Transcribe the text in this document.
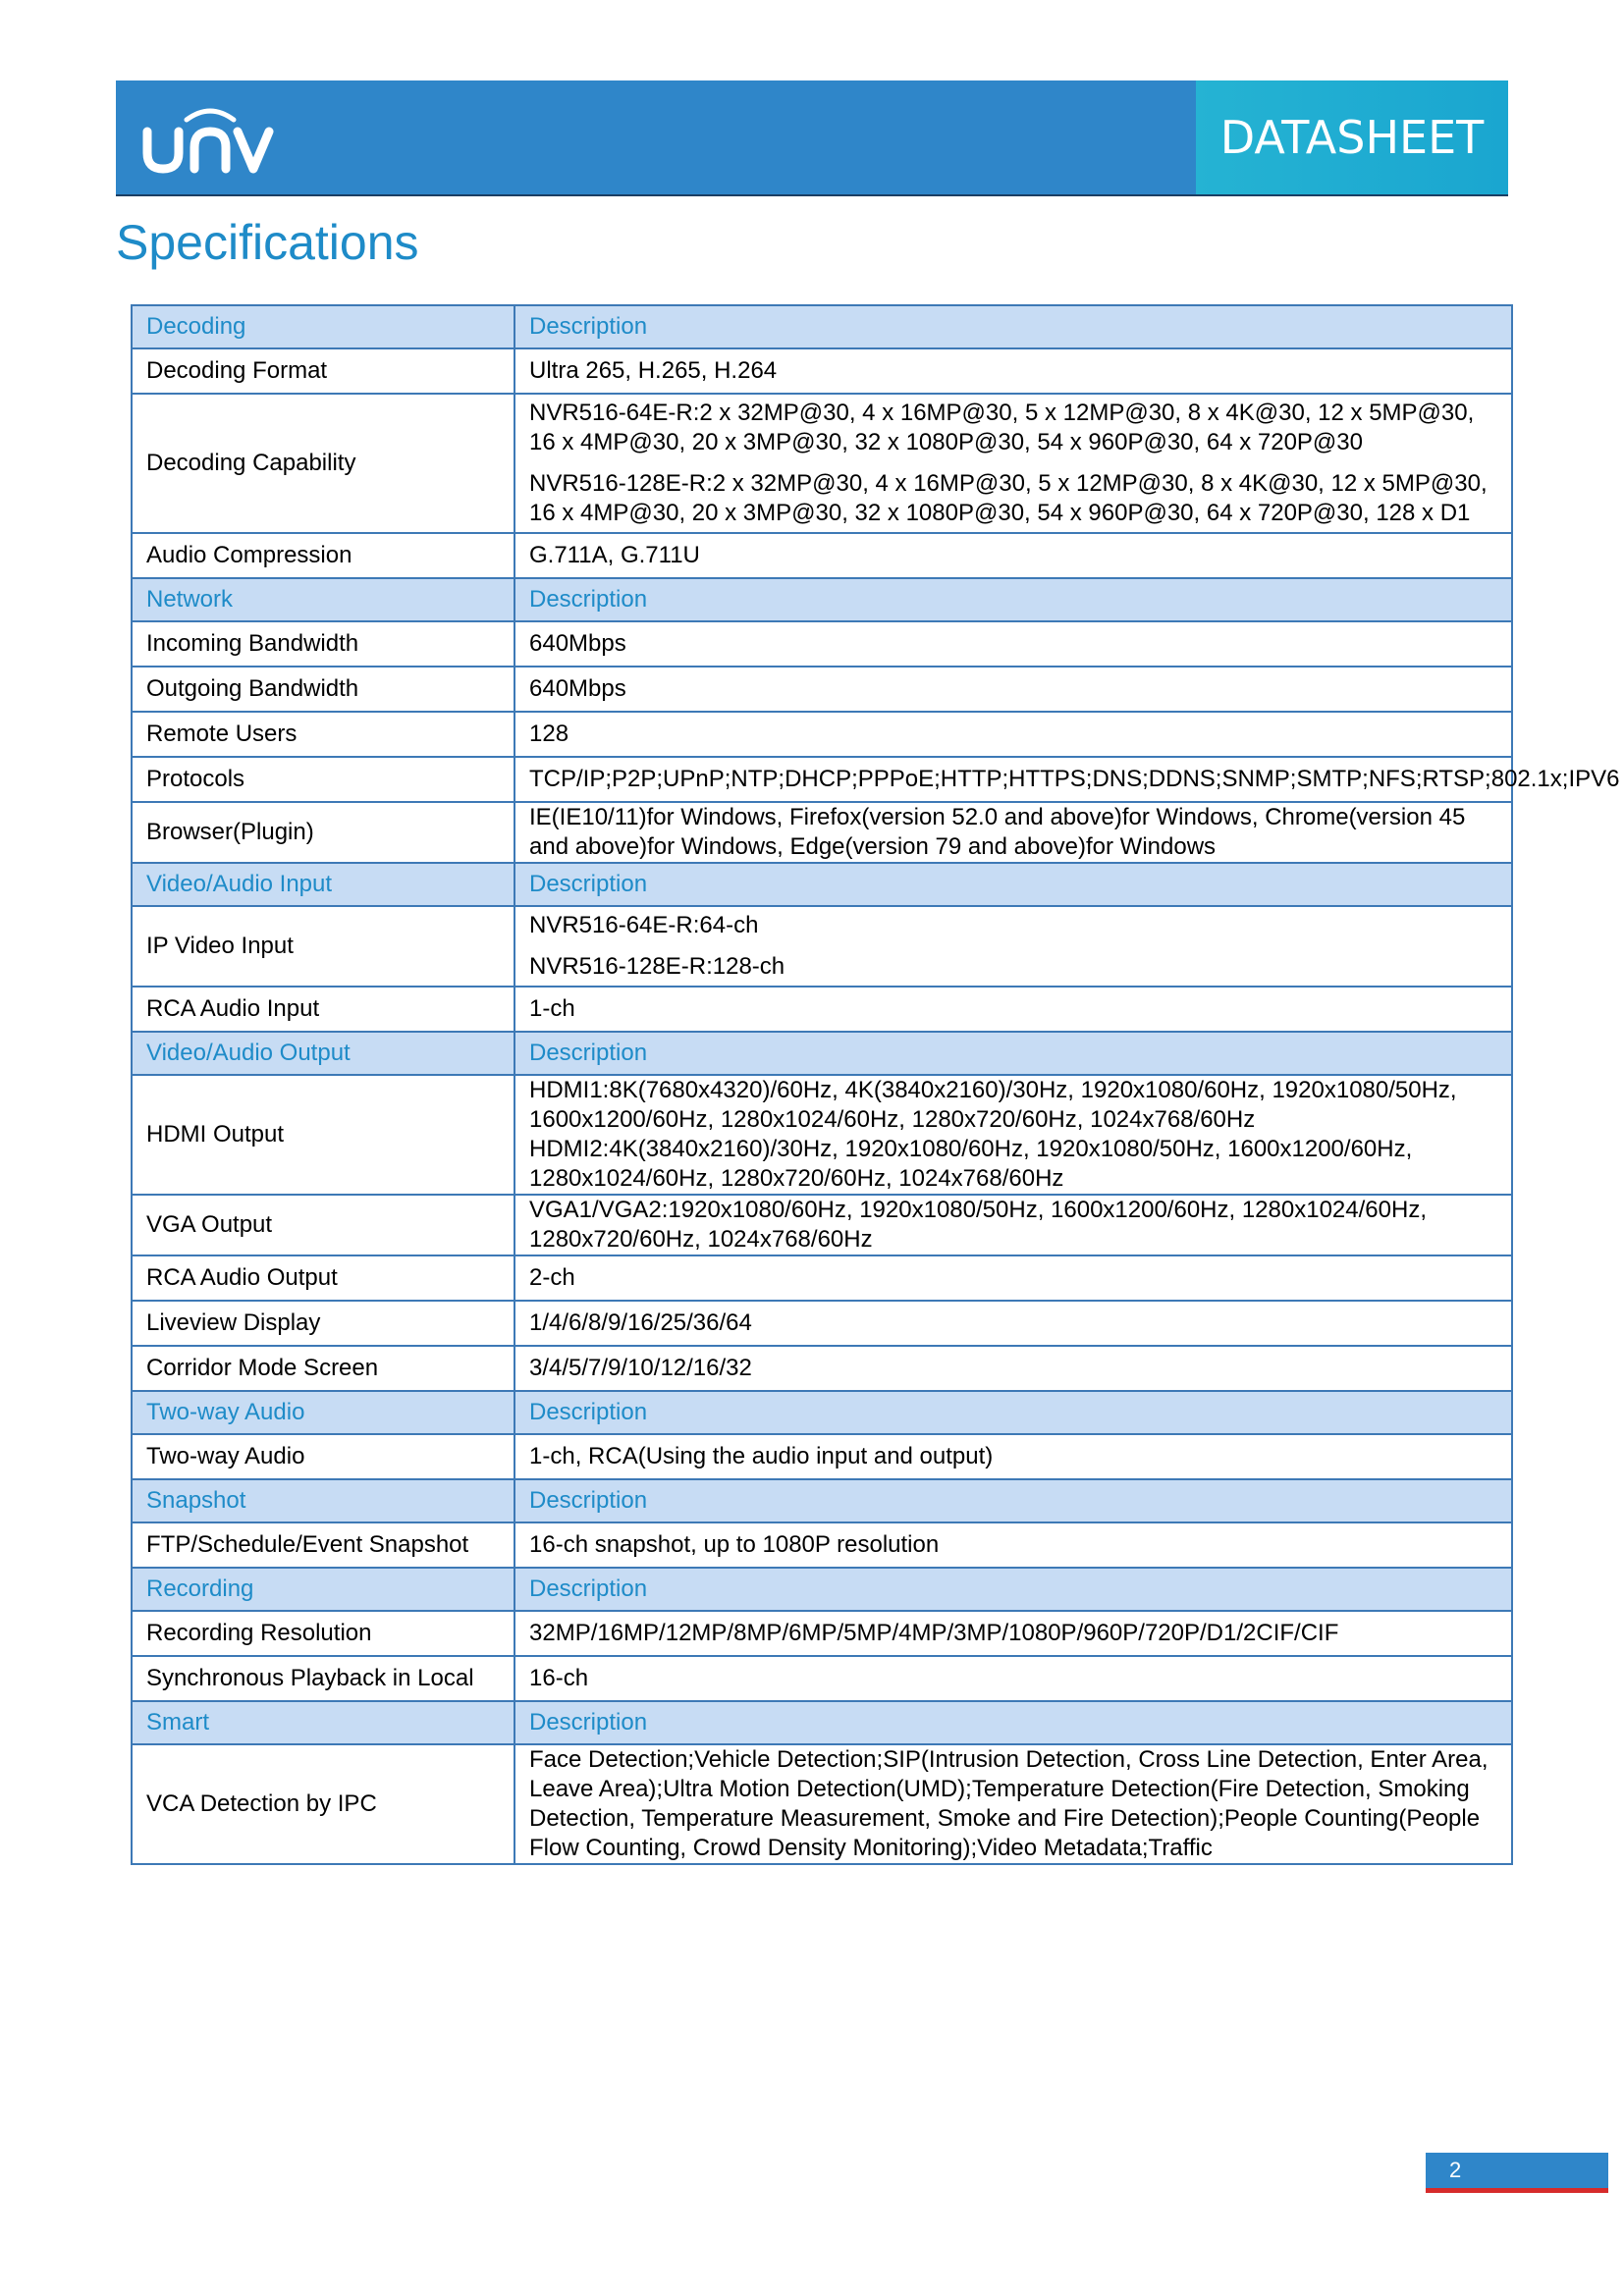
DATASHEET
Specifications
Decoding	Description
Decoding Format	Ultra 265, H.265, H.264

Decoding Capability	NVR516-64E-R:2 x 32MP@30, 4 x 16MP@30, 5 x 12MP@30, 8 x 4K@30, 12 x 5MP@30, 16 x 4MP@30, 20 x 3MP@30, 32 x 1080P@30, 54 x 960P@30, 64 x 720P@30
NVR516-128E-R:2 x 32MP@30, 4 x 16MP@30, 5 x 12MP@30, 8 x 4K@30, 12 x 5MP@30, 16 x 4MP@30, 20 x 3MP@30, 32 x 1080P@30, 54 x 960P@30, 64 x 720P@30, 128 x D1

Audio Compression	G.711A, G.711U

Network	Description
Incoming Bandwidth	640Mbps

Outgoing Bandwidth	640Mbps

Remote Users	128

Protocols	TCP/IP;P2P;UPnP;NTP;DHCP;PPPoE;HTTP;HTTPS;DNS;DDNS;SNMP;SMTP;NFS;RTSP;802.1x;IPV6

Browser(Plugin)	IE(IE10/11)for Windows, Firefox(version 52.0 and above)for Windows, Chrome(version 45 and above)for Windows, Edge(version 79 and above)for Windows

Video/Audio Input	Description
IP Video Input	NVR516-64E-R:64-ch
NVR516-128E-R:128-ch

RCA Audio Input	1-ch

Video/Audio Output	Description
HDMI Output	HDMI1:8K(7680x4320)/60Hz, 4K(3840x2160)/30Hz, 1920x1080/60Hz, 1920x1080/50Hz, 1600x1200/60Hz, 1280x1024/60Hz, 1280x720/60Hz, 1024x768/60Hz HDMI2:4K(3840x2160)/30Hz, 1920x1080/60Hz, 1920x1080/50Hz, 1600x1200/60Hz, 1280x1024/60Hz, 1280x720/60Hz, 1024x768/60Hz

VGA Output	VGA1/VGA2:1920x1080/60Hz, 1920x1080/50Hz, 1600x1200/60Hz, 1280x1024/60Hz, 1280x720/60Hz, 1024x768/60Hz

RCA Audio Output	2-ch

Liveview Display	1/4/6/8/9/16/25/36/64

Corridor Mode Screen	3/4/5/7/9/10/12/16/32

Two-way Audio	Description
Two-way Audio	1-ch, RCA(Using the audio input and output)

Snapshot	Description
FTP/Schedule/Event Snapshot	16-ch snapshot, up to 1080P resolution

Recording	Description
Recording Resolution	32MP/16MP/12MP/8MP/6MP/5MP/4MP/3MP/1080P/960P/720P/D1/2CIF/CIF

Synchronous Playback in Local	16-ch

Smart	Description
VCA Detection by IPC	Face Detection;Vehicle Detection;SIP(Intrusion Detection, Cross Line Detection, Enter Area, Leave Area);Ultra Motion Detection(UMD);Temperature Detection(Fire Detection, Smoking Detection, Temperature Measurement, Smoke and Fire Detection);People Counting(People Flow Counting, Crowd Density Monitoring);Video Metadata;Traffic
2
